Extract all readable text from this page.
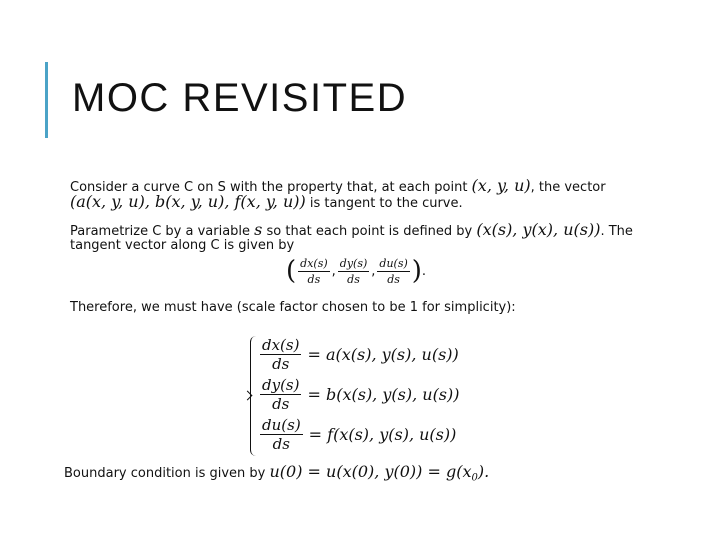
MOC REVISITED
Consider a curve C on S with the property that, at each point (x, y, u), the vector
(a(x, y, u), b(x, y, u), f(x, y, u)) is tangent to the curve.
Parametrize C by a variable s so that each point is defined by (x(s), y(x), u(s)). The
tangent vector along C is given by
( $\frac{dx(s)}{ds}$ , $\frac{dy(s)}{ds}$ , $\frac{du(s)}{ds}$ ) .
Therefore, we must have (scale factor chosen to be 1 for simplicity):
$\frac{dx(s)}{ds} = a(x(s)$, y(s), u(s))
$\frac{dy(s)}{ds} = b(x(s)$, y(s), u(s))
$\frac{du(s)}{ds} = f(x(s)$, y(s), u(s))
Boundary condition is given by u(0) = u(x(0), $y(0)) = g(x_0)$.
